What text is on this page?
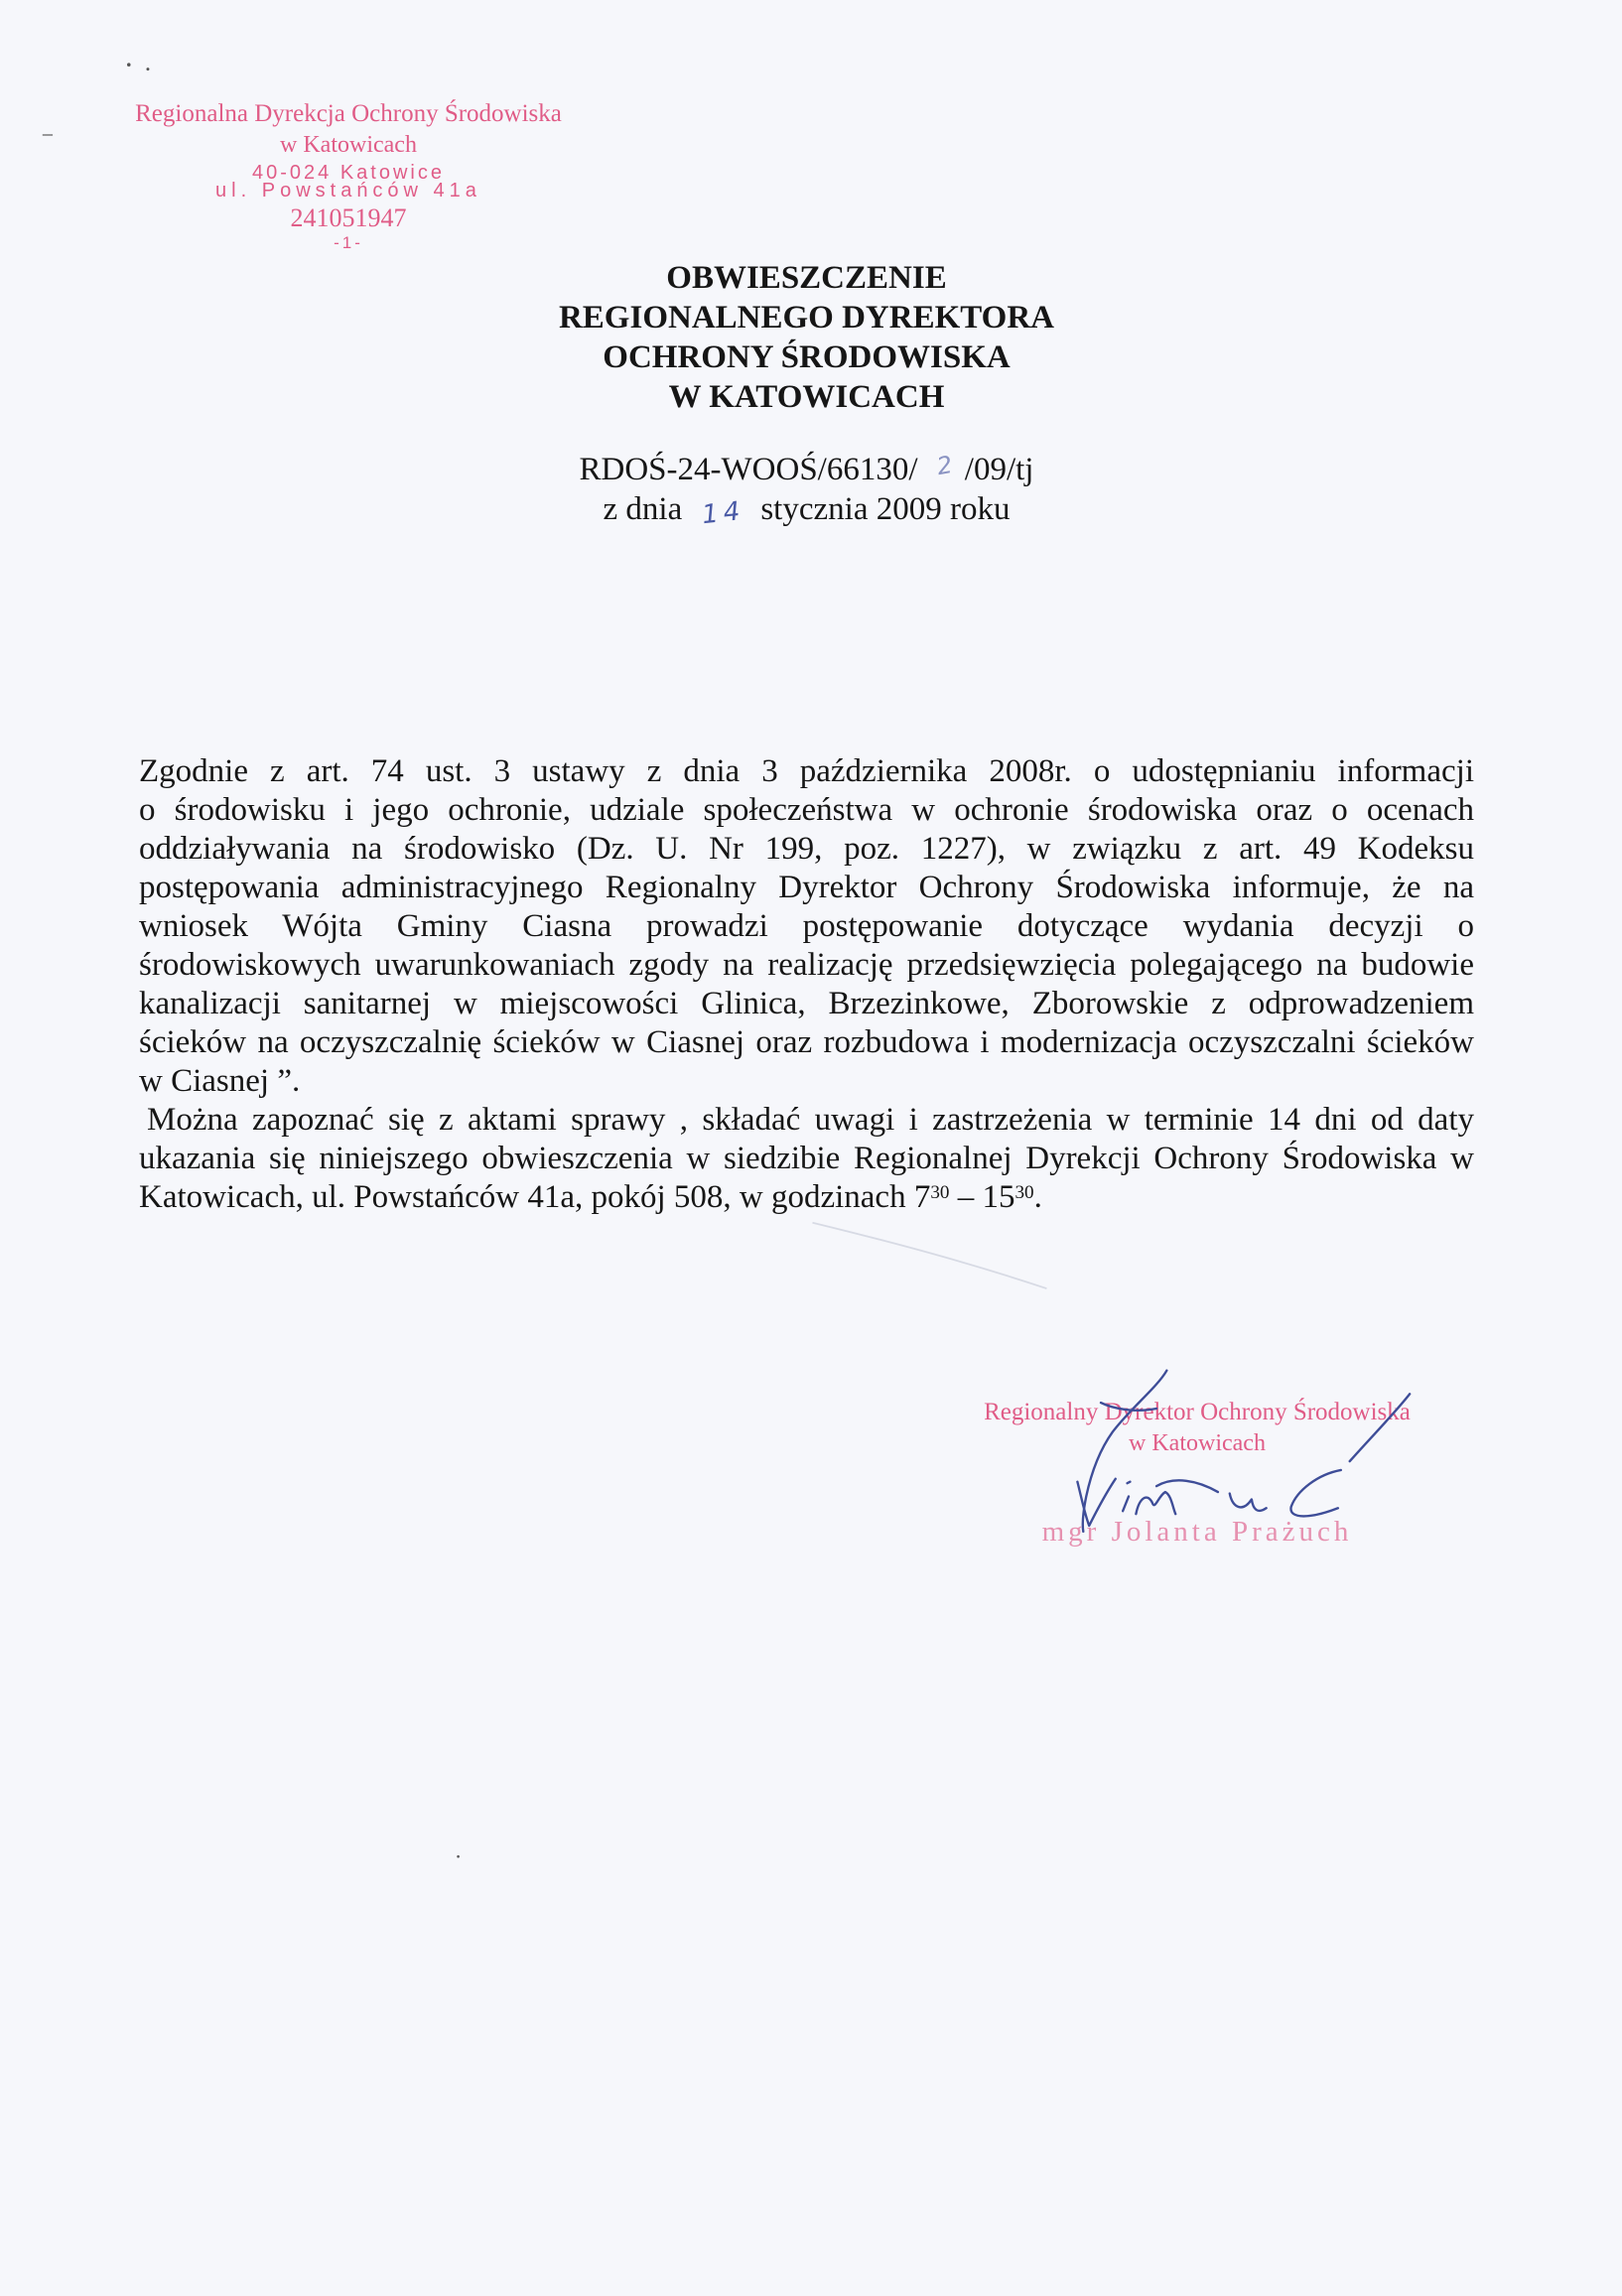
Regionalna Dyrekcja Ochrony Środowiska
w Katowicach
40-024 Katowice
ul. Powstańców 41a
241051947
-1-
OBWIESZCZENIE
REGIONALNEGO DYREKTORA
OCHRONY ŚRODOWISKA
W KATOWICACH
RDOŚ-24-WOOŚ/66130/ 2 /09/tj
z dnia 14 stycznia 2009 roku
Zgodnie z art. 74 ust. 3 ustawy z dnia 3 października 2008r. o udostępnianiu informacji
o środowisku i jego ochronie, udziale społeczeństwa w ochronie środowiska oraz o ocenach
oddziaływania na środowisko (Dz. U. Nr 199, poz. 1227), w związku z art. 49 Kodeksu
postępowania administracyjnego Regionalny Dyrektor Ochrony Środowiska informuje, że na
wniosek Wójta Gminy Ciasna prowadzi postępowanie dotyczące wydania decyzji o
środowiskowych uwarunkowaniach zgody na realizację przedsięwzięcia polegającego na budowie
kanalizacji sanitarnej w miejscowości Glinica, Brzezinkowe, Zborowskie z odprowadzeniem
ścieków na oczyszczalnię ścieków w Ciasnej oraz rozbudowa i modernizacja oczyszczalni ścieków
w Ciasnej ”.
Można zapoznać się z aktami sprawy , składać uwagi i zastrzeżenia w terminie 14 dni od daty
ukazania się niniejszego obwieszczenia w siedzibie Regionalnej Dyrekcji Ochrony Środowiska w
Katowicach, ul. Powstańców 41a, pokój 508, w godzinach $7^{30} - 15^{30}$.
Regionalny Dyrektor Ochrony Środowiska
w Katowicach
mgr Jolanta Prażuch
